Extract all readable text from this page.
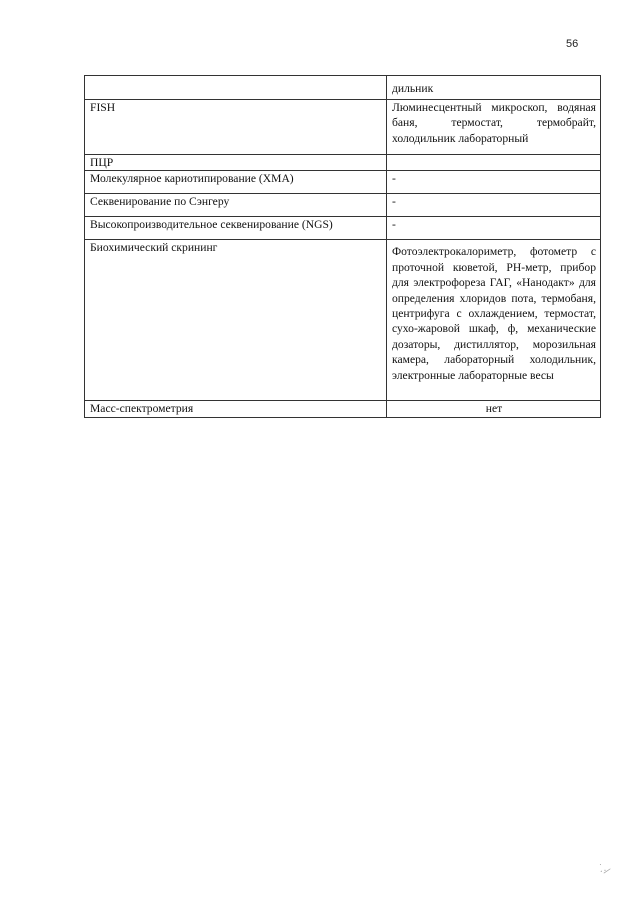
56

	дильник

FISH	Люминесцентный микроскоп, водяная баня, термостат, термобрайт, холодильник лабораторный
ПЦР	
Молекулярное кариотипирование (ХМА)	-
Секвенирование по Сэнгеру	-
Высокопроизводительное секвенирование (NGS)	-
Биохимический скрининг	Фотоэлектрокалориметр, фотометр с проточной кюветой, РН-метр, прибор для электрофореза ГАГ, «Нанодакт» для определения хлоридов пота, термобаня, центрифуга с охлаждением, термостат, сухо-жаровой шкаф, ф, механические дозаторы, дистиллятор, морозильная камера, лабораторный холодильник, электронные лабораторные весы
Масс-спектрометрия	нет
˙.·⁄
